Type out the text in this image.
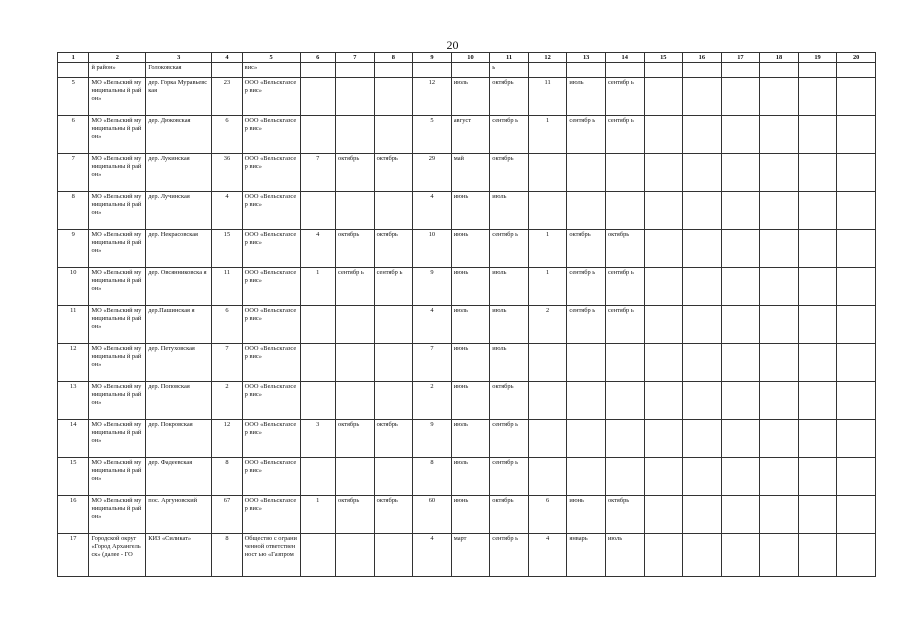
20
1	2	3	4	5	6	7	8	9	10	11	12	13	14	15	16	17	18	19	20
	й район»	Голоковская		вис»						ь									
5	МО «Вельский муниципальны й район»	дер. Горка Муравьевская	23	ООО «Вельскгазсер вис»				12	июль	октябрь	11	июль	сентябр ь						
6	МО «Вельский муниципальны й район»	дер. Дюковская	6	ООО «Вельскгазсер вис»				5	август	сентябр ь	1	сентябр ь	сентябр ь						
7	МО «Вельский муниципальны й район»	дер. Лукинская	36	ООО «Вельскгазсер вис»	7	октябрь	октябрь	29	май	октябрь									
8	МО «Вельский муниципальны й район»	дер. Лучинская	4	ООО «Вельскгазсер вис»				4	июнь	июль									
9	МО «Вельский муниципальны й район»	дер. Некрасовская	15	ООО «Вельскгазсер вис»	4	октябрь	октябрь	10	июнь	сентябр ь	1	октябрь	октябрь						
10	МО «Вельский муниципальны й район»	дер. Овсянниковска я	11	ООО «Вельскгазсер вис»	1	сентябр ь	сентябр ь	9	июнь	июль	1	сентябр ь	сентябр ь						
11	МО «Вельский муниципальны й район»	дер.Пашинская я	6	ООО «Вельскгазсер вис»				4	июль	июль	2	сентябр ь	сентябр ь						
12	МО «Вельский муниципальны й район»	дер. Петуховская	7	ООО «Вельскгазсер вис»				7	июнь	июль									
13	МО «Вельский муниципальны й район»	дер. Поповская	2	ООО «Вельскгазсер вис»				2	июнь	октябрь									
14	МО «Вельский муниципальны й район»	дер. Покровская	12	ООО «Вельскгазсер вис»	3	октябрь	октябрь	9	июль	сентябр ь									
15	МО «Вельский муниципальны й район»	дер. Фадеевская	8	ООО «Вельскгазсер вис»				8	июль	сентябр ь									
16	МО «Вельский муниципальны й район»	пос. Аргуновский	67	ООО «Вельскгазсер вис»	1	октябрь	октябрь	60	июнь	октябрь	6	июнь	октябрь						
17	Городской округ «Город Архангельск» (далее - ГО	КИЗ «Силикат»	8	Общество с ограниченной ответственност ью «Газпром				4	март	сентябр ь	4	январь	июль						
